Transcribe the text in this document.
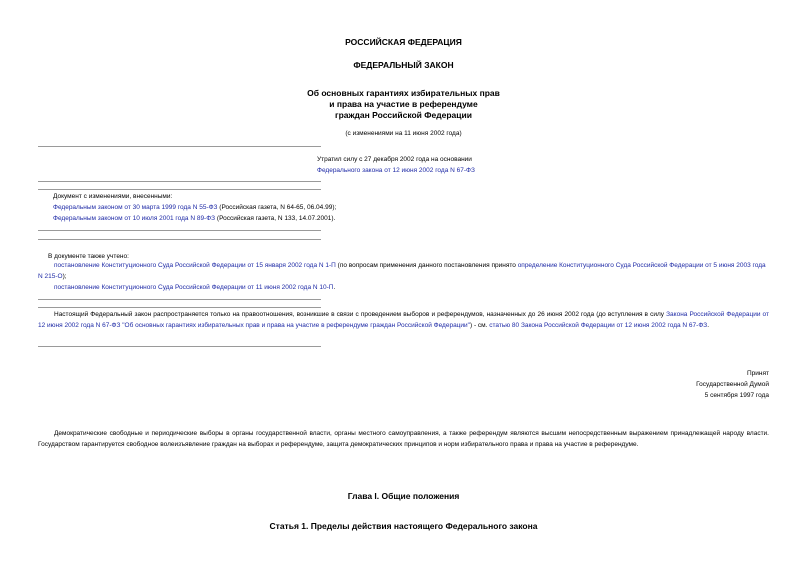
РОССИЙСКАЯ ФЕДЕРАЦИЯ
ФЕДЕРАЛЬНЫЙ ЗАКОН
Об основных гарантиях избирательных прав
и права на участие в референдуме
граждан Российской Федерации
(с изменениями на 11 июня 2002 года)
Утратил силу с 27 декабря 2002 года на основании
Федерального закона от 12 июня 2002 года N 67-ФЗ
Документ с изменениями, внесенными:
Федеральным законом от 30 марта 1999 года N 55-ФЗ (Российская газета, N 64-65, 06.04.99);
Федеральным законом от 10 июля 2001 года N 89-ФЗ (Российская газета, N 133, 14.07.2001).
В документе также учтено:
постановление Конституционного Суда Российской Федерации от 15 января 2002 года N 1-П (по вопросам применения данного постановления принято определение Конституционного Суда Российской Федерации от 5 июня 2003 года N 215-О);
постановление Конституционного Суда Российской Федерации от 11 июня 2002 года N 10-П.
Настоящий Федеральный закон распространяется только на правоотношения, возникшие в связи с проведением выборов и референдумов, назначенных до 26 июня 2002 года (до вступления в силу Закона Российской Федерации от 12 июня 2002 года N 67-ФЗ "Об основных гарантиях избирательных прав и права на участие в референдуме граждан Российской Федерации") - см. статью 80 Закона Российской Федерации от 12 июня 2002 года N 67-ФЗ.
Принят
Государственной Думой
5 сентября 1997 года
Демократические свободные и периодические выборы в органы государственной власти, органы местного самоуправления, а также референдум являются высшим непосредственным выражением принадлежащей народу власти. Государством гарантируется свободное волеизъявление граждан на выборах и референдуме, защита демократических принципов и норм избирательного права и права на участие в референдуме.
Глава I. Общие положения
Статья 1. Пределы действия настоящего Федерального закона
